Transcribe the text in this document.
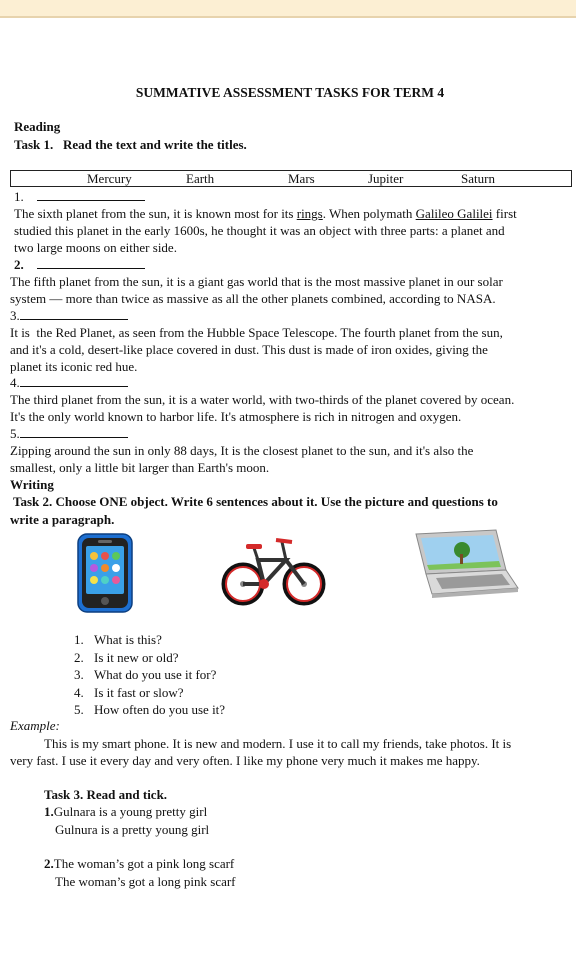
SUMMATIVE ASSESSMENT TASKS FOR TERM 4
Reading
Task 1.   Read the text and write the titles.
Mercury	Earth	Mars	Jupiter	Saturn
1.
The sixth planet from the sun, it is known most for its rings. When polymath Galileo Galilei first
studied this planet in the early 1600s, he thought it was an object with three parts: a planet and
two large moons on either side.
2.
The fifth planet from the sun, it is a giant gas world that is the most massive planet in our solar
system — more than twice as massive as all the other planets combined, according to NASA.
3.
It is  the Red Planet, as seen from the Hubble Space Telescope. The fourth planet from the sun,
and it's a cold, desert-like place covered in dust. This dust is made of iron oxides, giving the
planet its iconic red hue.
4.
The third planet from the sun, it is a water world, with two-thirds of the planet covered by ocean.
It's the only world known to harbor life. It's atmosphere is rich in nitrogen and oxygen.
5.
Zipping around the sun in only 88 days, It is the closest planet to the sun, and it's also the
smallest, only a little bit larger than Earth's moon.
Writing
Task 2. Choose ONE object. Write 6 sentences about it. Use the picture and questions to
write a paragraph.
1. What is this?
2. Is it new or old?
3. What do you use it for?
4. Is it fast or slow?
5. How often do you use it?
Example:
This is my smart phone. It is new and modern. I use it to call my friends, take photos. It is
very fast. I use it every day and very often. I like my phone very much it makes me happy.
Task 3. Read and tick.
1.Gulnara is a young pretty girl
Gulnura is a pretty young girl
2.The woman’s got a pink long scarf
The woman’s got a long pink scarf
